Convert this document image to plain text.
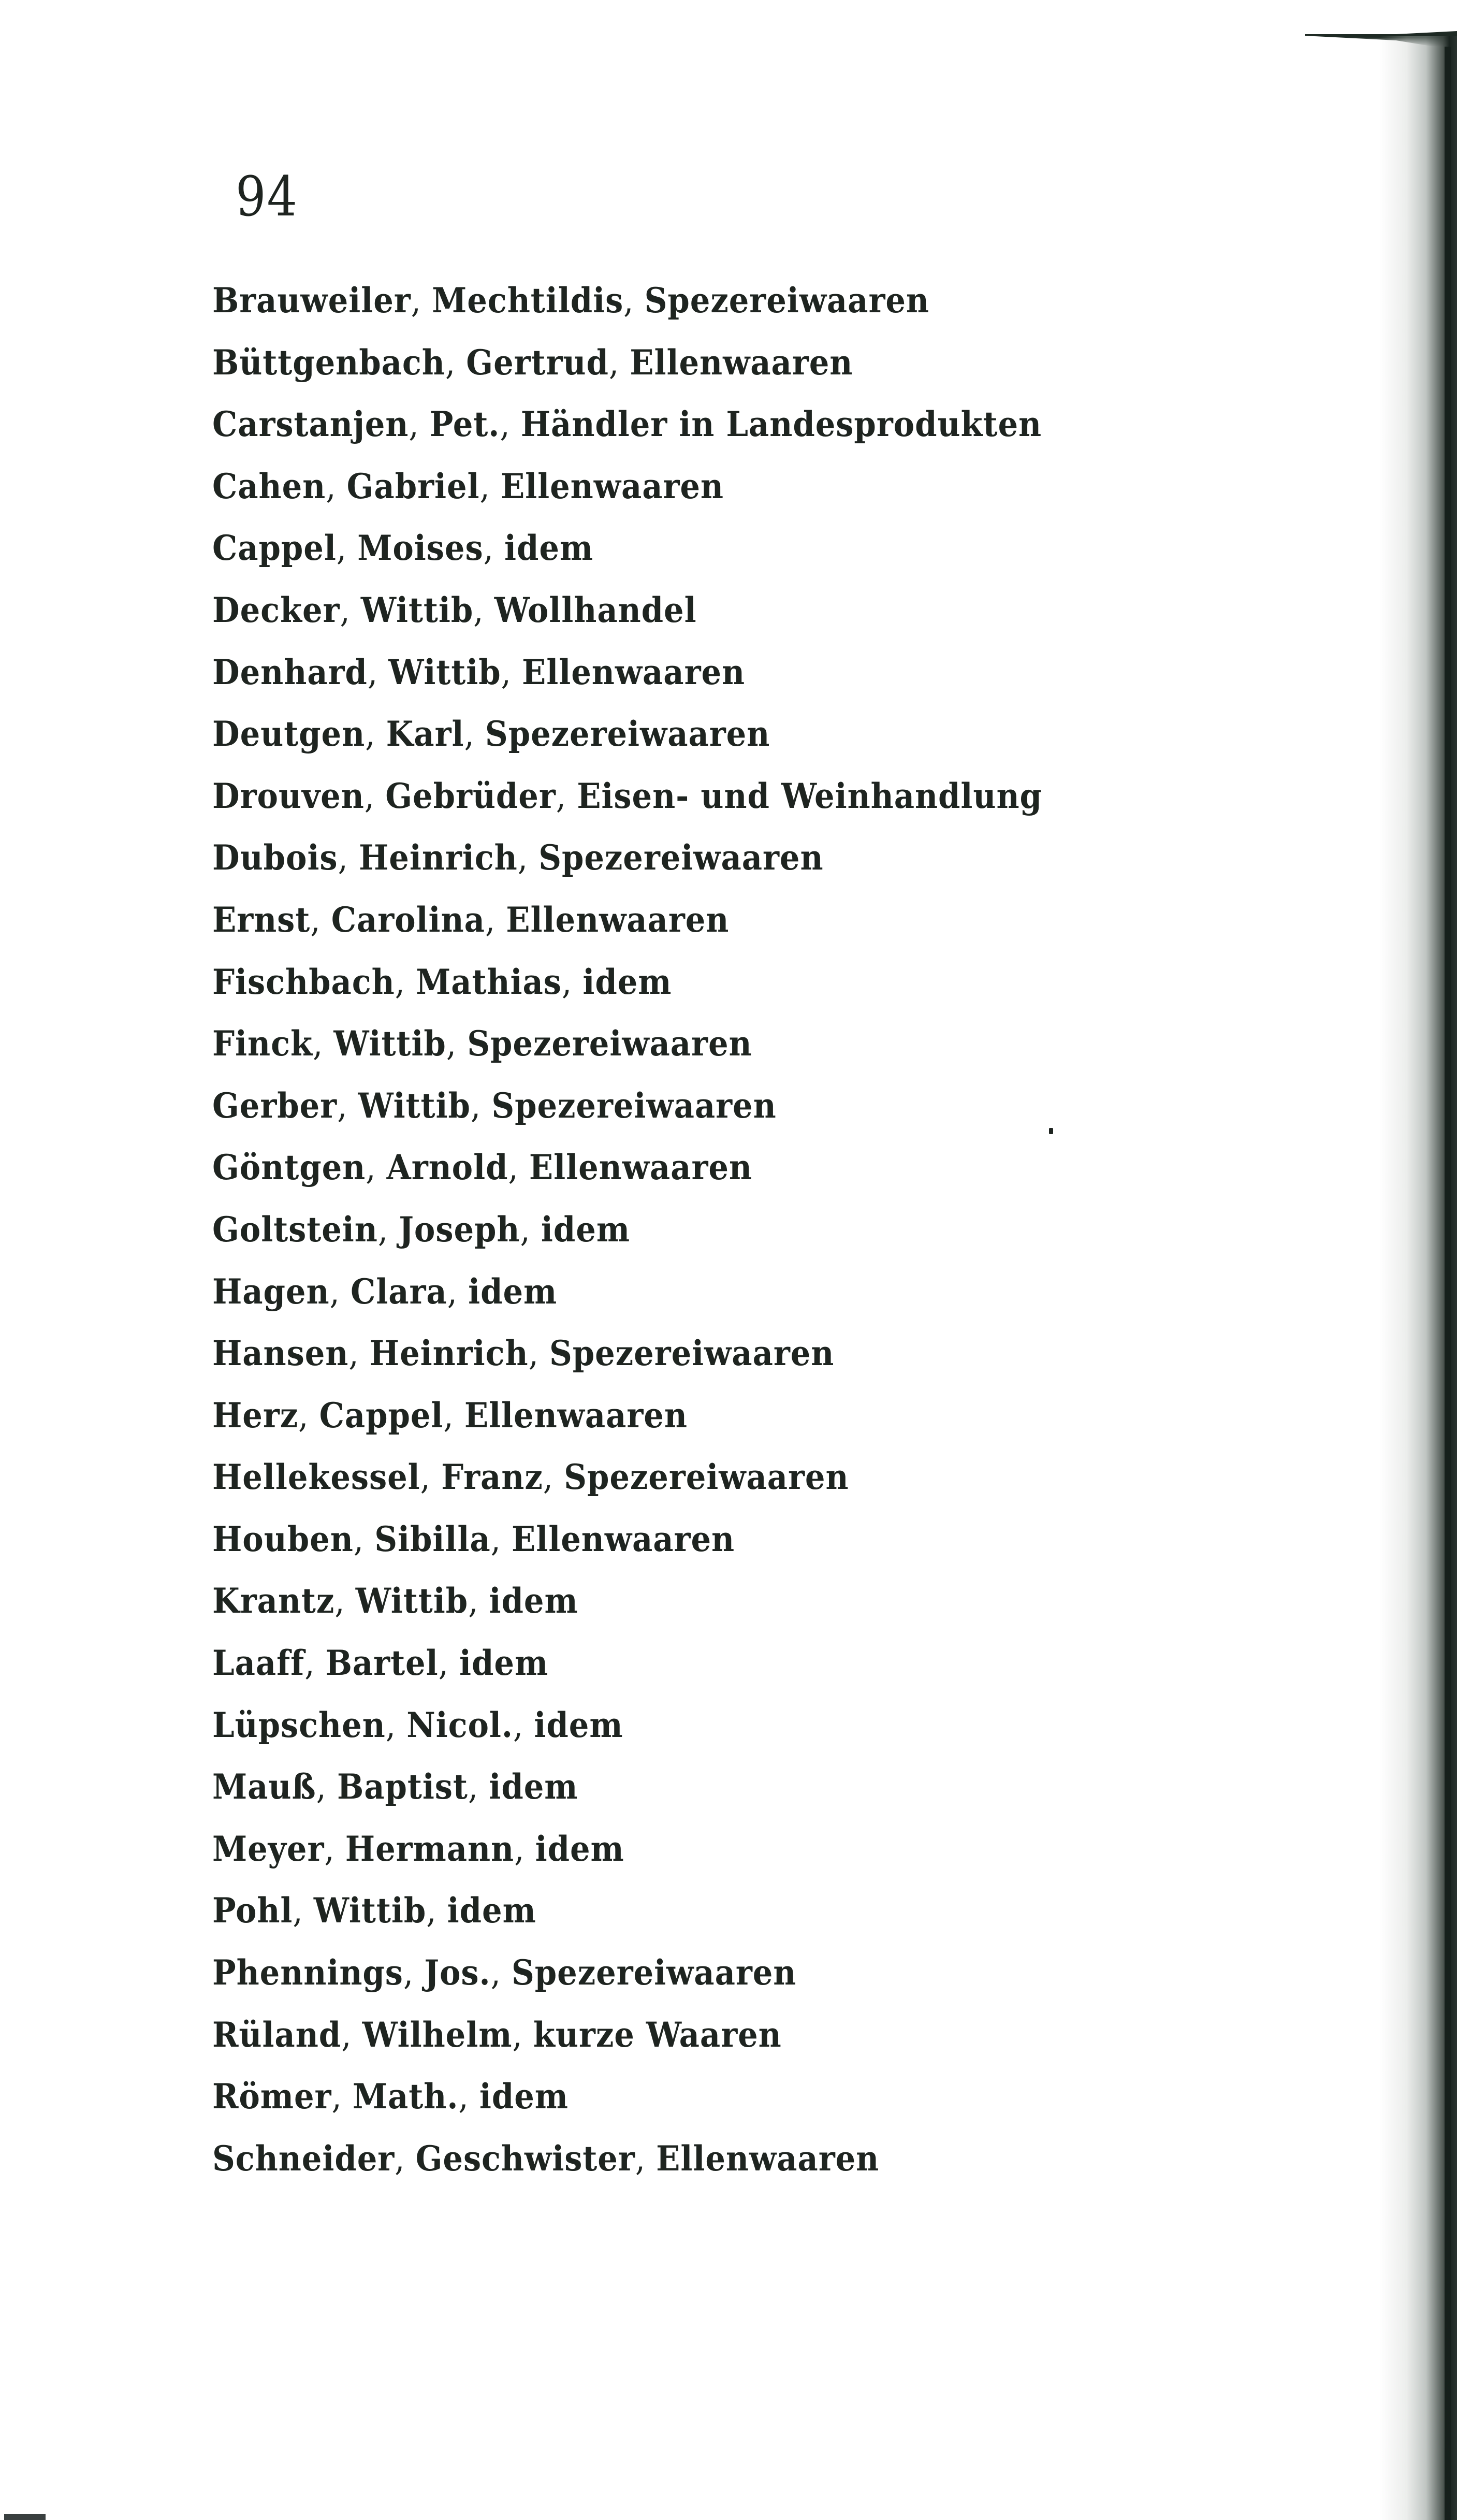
94
Brauweiler, Mechtildis, Spezereiwaaren
Büttgenbach, Gertrud, Ellenwaaren
Carstanjen, Pet., Händler in Landesprodukten
Cahen, Gabriel, Ellenwaaren
Cappel, Moises, idem
Decker, Wittib, Wollhandel
Denhard, Wittib, Ellenwaaren
Deutgen, Karl, Spezereiwaaren
Drouven, Gebrüder, Eisen- und Weinhandlung
Dubois, Heinrich, Spezereiwaaren
Ernst, Carolina, Ellenwaaren
Fischbach, Mathias, idem
Finck, Wittib, Spezereiwaaren
Gerber, Wittib, Spezereiwaaren
Göntgen, Arnold, Ellenwaaren
Goltstein, Joseph, idem
Hagen, Clara, idem
Hansen, Heinrich, Spezereiwaaren
Herz, Cappel, Ellenwaaren
Hellekessel, Franz, Spezereiwaaren
Houben, Sibilla, Ellenwaaren
Krantz, Wittib, idem
Laaff, Bartel, idem
Lüpschen, Nicol., idem
Mauß, Baptist, idem
Meyer, Hermann, idem
Pohl, Wittib, idem
Phennings, Jos., Spezereiwaaren
Rüland, Wilhelm, kurze Waaren
Römer, Math., idem
Schneider, Geschwister, Ellenwaaren
